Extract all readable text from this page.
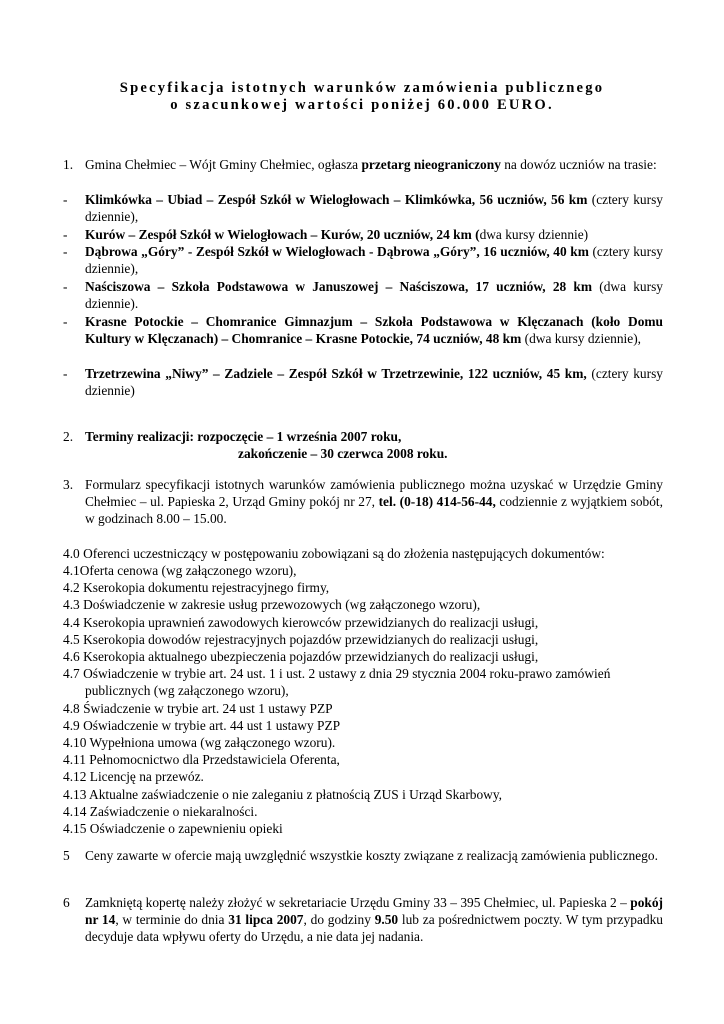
Specyfikacja istotnych warunków zamówienia publicznego
o szacunkowej wartości poniżej 60.000 EURO.
1. Gmina Chełmiec – Wójt Gminy Chełmiec, ogłasza przetarg nieograniczony na dowóz uczniów na trasie:
- Klimkówka – Ubiad – Zespół Szkół w Wielogłowach – Klimkówka, 56 uczniów, 56 km (cztery kursy dziennie),
- Kurów – Zespół Szkół w Wielogłowach – Kurów, 20 uczniów, 24 km (dwa kursy dziennie)
- Dąbrowa „Góry” - Zespół Szkół w Wielogłowach - Dąbrowa „Góry”, 16 uczniów, 40 km (cztery kursy dziennie),
- Naściszowa – Szkoła Podstawowa w Januszowej – Naściszowa, 17 uczniów, 28 km (dwa kursy dziennie).
- Krasne Potockie – Chomranice Gimnazjum – Szkoła Podstawowa w Klęczanach (koło Domu Kultury w Klęczanach) – Chomranice – Krasne Potockie, 74 uczniów, 48 km (dwa kursy dziennie),
- Trzetrzewina „Niwy” – Zadziele – Zespół Szkół w Trzetrzewinie, 122 uczniów, 45 km, (cztery kursy dziennie)
2. Terminy realizacji: rozpoczęcie – 1 września 2007 roku,
zakończenie – 30 czerwca 2008 roku.
3. Formularz specyfikacji istotnych warunków zamówienia publicznego można uzyskać w Urzędzie Gminy Chełmiec – ul. Papieska 2, Urząd Gminy pokój nr 27, tel. (0-18) 414-56-44, codziennie z wyjątkiem sobót, w godzinach 8.00 – 15.00.
4.0 Oferenci uczestniczący w postępowaniu zobowiązani są do złożenia następujących dokumentów:
4.1Oferta cenowa (wg załączonego wzoru),
4.2 Kserokopia dokumentu rejestracyjnego firmy,
4.3 Doświadczenie w zakresie usług przewozowych (wg załączonego wzoru),
4.4 Kserokopia uprawnień zawodowych kierowców przewidzianych do realizacji usługi,
4.5 Kserokopia dowodów rejestracyjnych pojazdów przewidzianych do realizacji usługi,
4.6 Kserokopia aktualnego ubezpieczenia pojazdów przewidzianych do realizacji usługi,
4.7 Oświadczenie w trybie art. 24 ust. 1 i ust. 2 ustawy z dnia 29 stycznia 2004 roku-prawo zamówień
publicznych (wg załączonego wzoru),
4.8 Świadczenie w trybie art. 24 ust 1 ustawy PZP
4.9 Oświadczenie w trybie art. 44 ust 1 ustawy PZP
4.10 Wypełniona umowa (wg załączonego wzoru).
4.11 Pełnomocnictwo dla Przedstawiciela Oferenta,
4.12 Licencję na przewóz.
4.13 Aktualne zaświadczenie o nie zaleganiu z płatnością ZUS i Urząd Skarbowy,
4.14 Zaświadczenie o niekaralności.
4.15 Oświadczenie o zapewnieniu opieki
5 Ceny zawarte w ofercie mają uwzględnić wszystkie koszty związane z realizacją zamówienia publicznego.
6 Zamkniętą kopertę należy złożyć w sekretariacie Urzędu Gminy 33 – 395 Chełmiec, ul. Papieska 2 – pokój nr 14, w terminie do dnia 31 lipca 2007, do godziny 9.50 lub za pośrednictwem poczty. W tym przypadku decyduje data wpływu oferty do Urzędu, a nie data jej nadania.
